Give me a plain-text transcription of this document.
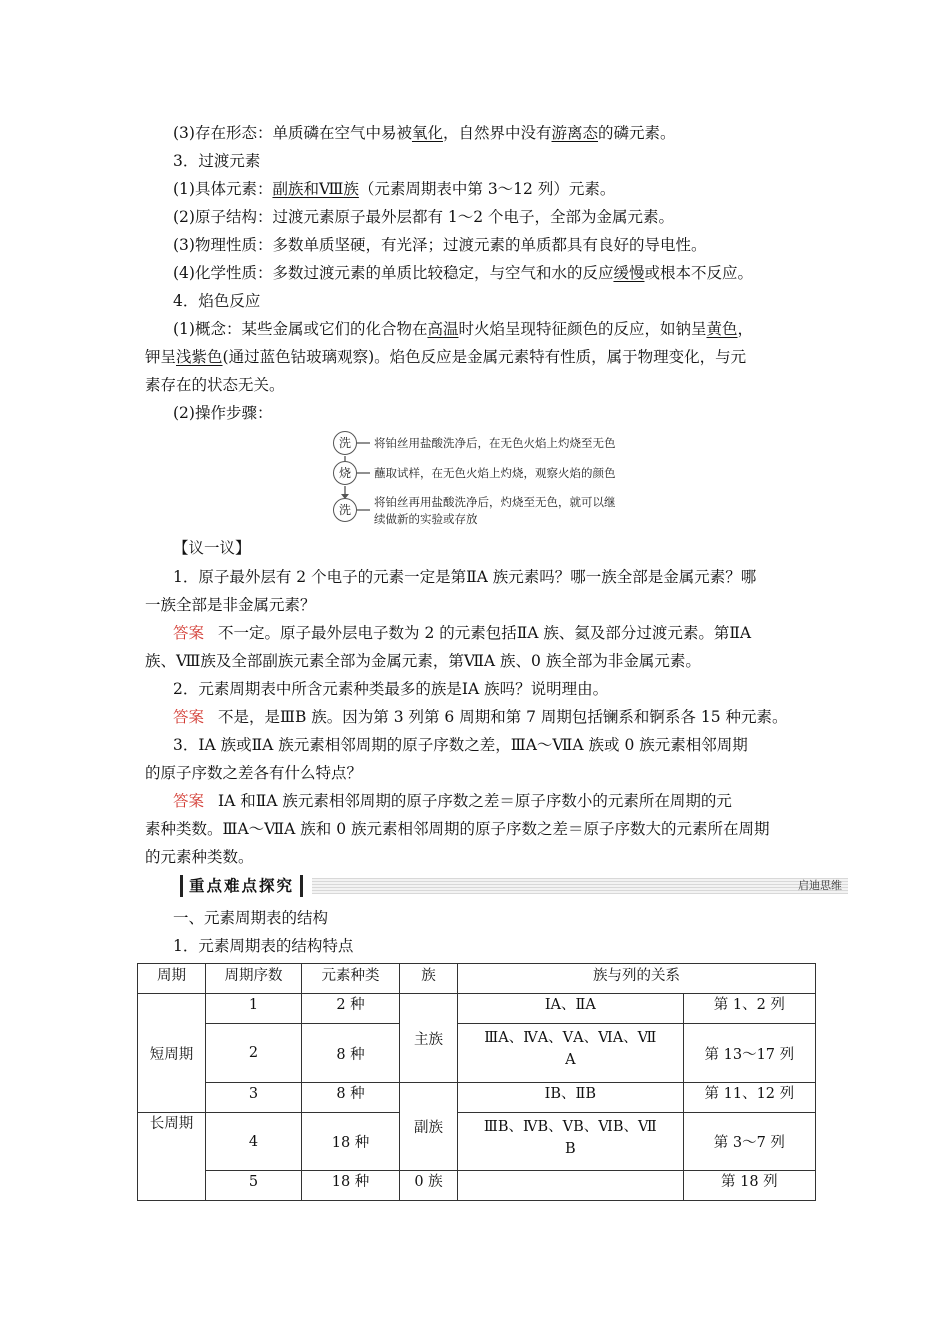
(3)存在形态：单质磷在空气中易被氧化，自然界中没有游离态的磷元素。
3．过渡元素
(1)具体元素：副族和Ⅷ族（元素周期表中第 3～12 列）元素。
(2)原子结构：过渡元素原子最外层都有 1～2 个电子，全部为金属元素。
(3)物理性质：多数单质坚硬，有光泽；过渡元素的单质都具有良好的导电性。
(4)化学性质：多数过渡元素的单质比较稳定，与空气和水的反应缓慢或根本不反应。
4．焰色反应
(1)概念：某些金属或它们的化合物在高温时火焰呈现特征颜色的反应，如钠呈黄色，
钾呈浅紫色(通过蓝色钴玻璃观察)。焰色反应是金属元素特有性质，属于物理变化，与元
素存在的状态无关。
(2)操作步骤：
洗
烧
洗
将铂丝用盐酸洗净后，在无色火焰上灼烧至无色
蘸取试样，在无色火焰上灼烧，观察火焰的颜色
将铂丝再用盐酸洗净后，灼烧至无色，就可以继
续做新的实验或存放
【议一议】
1．原子最外层有 2 个电子的元素一定是第ⅡA 族元素吗？哪一族全部是金属元素？哪
一族全部是非金属元素？
答案 不一定。原子最外层电子数为 2 的元素包括ⅡA 族、氦及部分过渡元素。第ⅡA
族、Ⅷ族及全部副族元素全部为金属元素，第ⅦA 族、0 族全部为非金属元素。
2．元素周期表中所含元素种类最多的族是ⅠA 族吗？说明理由。
答案 不是，是ⅢB 族。因为第 3 列第 6 周期和第 7 周期包括镧系和锕系各 15 种元素。
3．ⅠA 族或ⅡA 族元素相邻周期的原子序数之差，ⅢA～ⅦA 族或 0 族元素相邻周期
的原子序数之差各有什么特点？
答案 ⅠA 和ⅡA 族元素相邻周期的原子序数之差＝原子序数小的元素所在周期的元
素种类数。ⅢA～ⅦA 族和 0 族元素相邻周期的原子序数之差＝原子序数大的元素所在周期
的元素种类数。
重点难点探究	启迪思维
一、元素周期表的结构
1．元素周期表的结构特点
周期	周期序数	元素种类	族	族与列的关系	
短周期	1	2 种	主族	ⅠA、ⅡA	第 1、2 列
	2	8 种		ⅢA、ⅣA、ⅤA、ⅥA、Ⅶ
A	第 13～17 列
	3	8 种	副族	ⅠB、ⅡB	第 11、12 列
长周期	4	18 种		ⅢB、ⅣB、ⅤB、ⅥB、Ⅶ
B	第 3～7 列
	5	18 种	0 族		第 18 列
